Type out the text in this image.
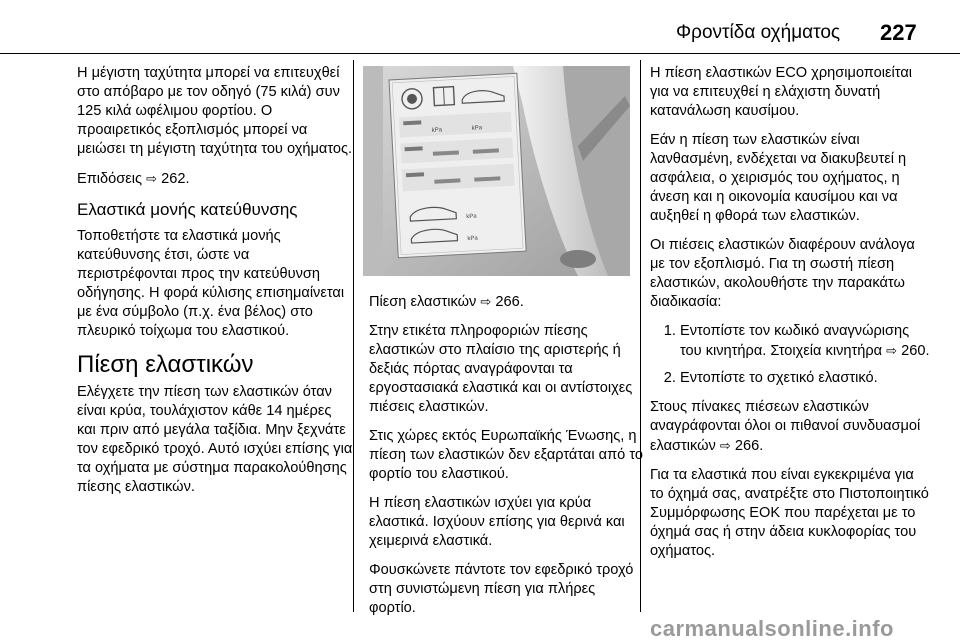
Φροντίδα οχήματος 227

Η μέγιστη ταχύτητα μπορεί να επιτευχθεί στο απόβαρο με τον οδηγό (75 κιλά) συν 125 κιλά ωφέλιμου φορτίου. Ο προαιρετικός εξοπλισμός μπορεί να μειώσει τη μέγιστη ταχύτητα του οχήματος.

Επιδόσεις ⇨ 262.

Ελαστικά μονής κατεύθυνσης

Τοποθετήστε τα ελαστικά μονής κατεύθυνσης έτσι, ώστε να περιστρέφονται προς την κατεύθυνση οδήγησης. Η φορά κύλισης επισημαίνεται με ένα σύμβολο (π.χ. ένα βέλος) στο πλευρικό τοίχωμα του ελαστικού.

Πίεση ελαστικών

Ελέγχετε την πίεση των ελαστικών όταν είναι κρύα, τουλάχιστον κάθε 14 ημέρες και πριν από μεγάλα ταξίδια. Μην ξεχνάτε τον εφεδρικό τροχό. Αυτό ισχύει επίσης για τα οχήματα με σύστημα παρακολούθησης πίεσης ελαστικών.

kPa	kPa
kPa
kPa

Πίεση ελαστικών ⇨ 266.

Στην ετικέτα πληροφοριών πίεσης ελαστικών στο πλαίσιο της αριστερής ή δεξιάς πόρτας αναγράφονται τα εργοστασιακά ελαστικά και οι αντίστοιχες πιέσεις ελαστικών.

Στις χώρες εκτός Ευρωπαϊκής Ένωσης, η πίεση των ελαστικών δεν εξαρτάται από το φορτίο του ελαστικού.

Η πίεση ελαστικών ισχύει για κρύα ελαστικά. Ισχύουν επίσης για θερινά και χειμερινά ελαστικά.

Φουσκώνετε πάντοτε τον εφεδρικό τροχό στη συνιστώμενη πίεση για πλήρες φορτίο.

Η πίεση ελαστικών ECO χρησιμοποιείται για να επιτευχθεί η ελάχιστη δυνατή κατανάλωση καυσίμου.

Εάν η πίεση των ελαστικών είναι λανθασμένη, ενδέχεται να διακυβευτεί η ασφάλεια, ο χειρισμός του οχήματος, η άνεση και η οικονομία καυσίμου και να αυξηθεί η φθορά των ελαστικών.

Οι πιέσεις ελαστικών διαφέρουν ανάλογα με τον εξοπλισμό. Για τη σωστή πίεση ελαστικών, ακολουθήστε την παρακάτω διαδικασία:

1. Εντοπίστε τον κωδικό αναγνώρισης του κινητήρα. Στοιχεία κινητήρα ⇨ 260.
2. Εντοπίστε το σχετικό ελαστικό.

Στους πίνακες πιέσεων ελαστικών αναγράφονται όλοι οι πιθανοί συνδυασμοί ελαστικών ⇨ 266.

Για τα ελαστικά που είναι εγκεκριμένα για το όχημά σας, ανατρέξτε στο Πιστοποιητικό Συμμόρφωσης ΕΟΚ που παρέχεται με το όχημά σας ή στην άδεια κυκλοφορίας του οχήματος.

carmanualsonline.info
